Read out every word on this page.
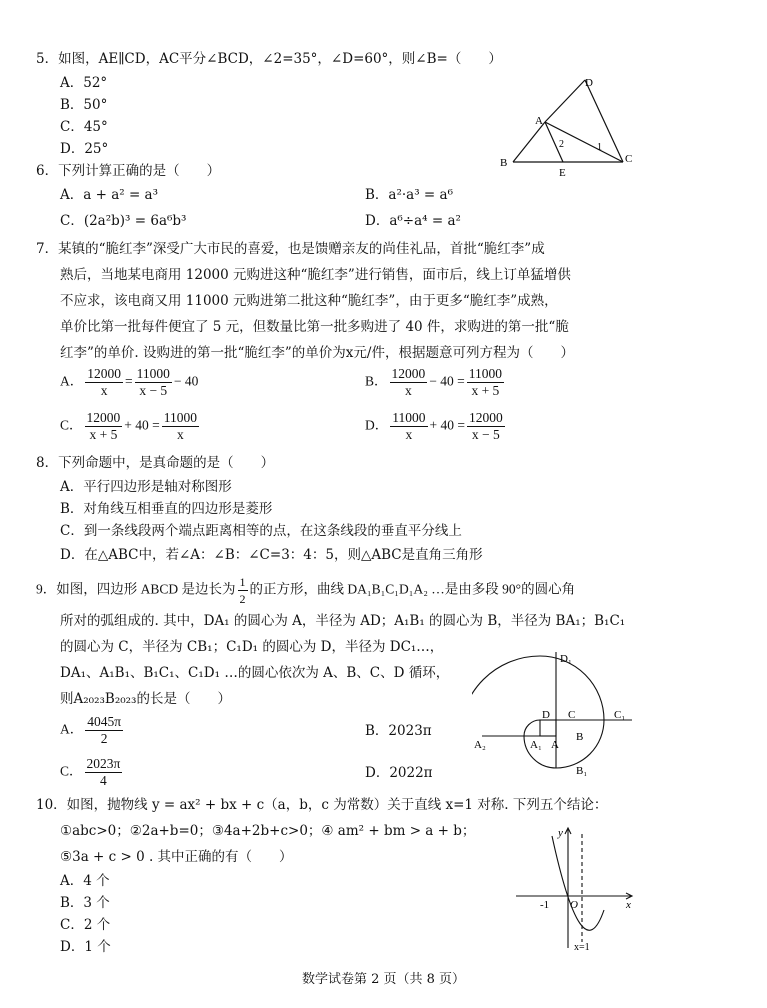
5．如图，AE∥CD，AC平分∠BCD，∠2=35°，∠D=60°，则∠B=（　　）
A．52°
B．50°
C．45°
D．25°
D
A
2	1
B	C
E
6．下列计算正确的是（　　）
A．a + a² = a³	B．a²·a³ = a⁶
C．(2a²b)³ = 6a⁶b³	D．a⁶÷a⁴ = a²
7．某镇的“脆红李”深受广大市民的喜爱，也是馈赠亲友的尚佳礼品，首批“脆红李”成
熟后，当地某电商用 12000 元购进这种“脆红李”进行销售，面市后，线上订单猛增供
不应求，该电商又用 11000 元购进第二批这种“脆红李”，由于更多“脆红李”成熟，
单价比第一批每件便宜了 5 元，但数量比第一批多购进了 40 件，求购进的第一批“脆
红李”的单价. 设购进的第一批“脆红李”的单价为x元/件，根据题意可列方程为（　　）
A． $\frac{12000}{x} = \frac{11000}{x - 5} - 40$	B． $\frac{12000}{x} - 40 = \frac{11000}{x + 5}$
C． $\frac{12000}{x + 5} + 40 = \frac{11000}{x}$	D． $\frac{11000}{x} + 40 = \frac{12000}{x - 5}$
8．下列命题中，是真命题的是（　　）
A．平行四边形是轴对称图形
B．对角线互相垂直的四边形是菱形
C．到一条线段两个端点距离相等的点，在这条线段的垂直平分线上
D．在△ABC中，若∠A：∠B：∠C=3：4：5，则△ABC是直角三角形
9．如图，四边形 ABCD 是边长为 $\frac{1}{2}$ 的正方形，曲线 DA₁B₁C₁D₁A₂ …是由多段 90°的圆心角
所对的弧组成的. 其中，DA₁ 的圆心为 A，半径为 AD；A₁B₁ 的圆心为 B，半径为 BA₁；B₁C₁
的圆心为 C，半径为 CB₁；C₁D₁ 的圆心为 D，半径为 DC₁…，
DA₁、A₁B₁、B₁C₁、C₁D₁ …的圆心依次为 A、B、C、D 循环，
则A₂₀₂₃B₂₀₂₃的长是（　　）
A． $\frac{4045\pi}{2}$	B．2023π
C． $\frac{2023\pi}{4}$	D．2022π
D₁
D C	C₁
A₂	A₁ A
B
B₁
10．如图，抛物线 y = ax² + bx + c（a，b，c 为常数）关于直线 x=1 对称. 下列五个结论：
①abc>0；②2a+b=0；③4a+2b+c>0；④ am² + bm > a + b；
⑤3a + c > 0 . 其中正确的有（　　）
A．4 个
B．3 个
C．2 个
D．1 个
y
x
-1 O
x=1
数学试卷第 2 页（共 8 页）
